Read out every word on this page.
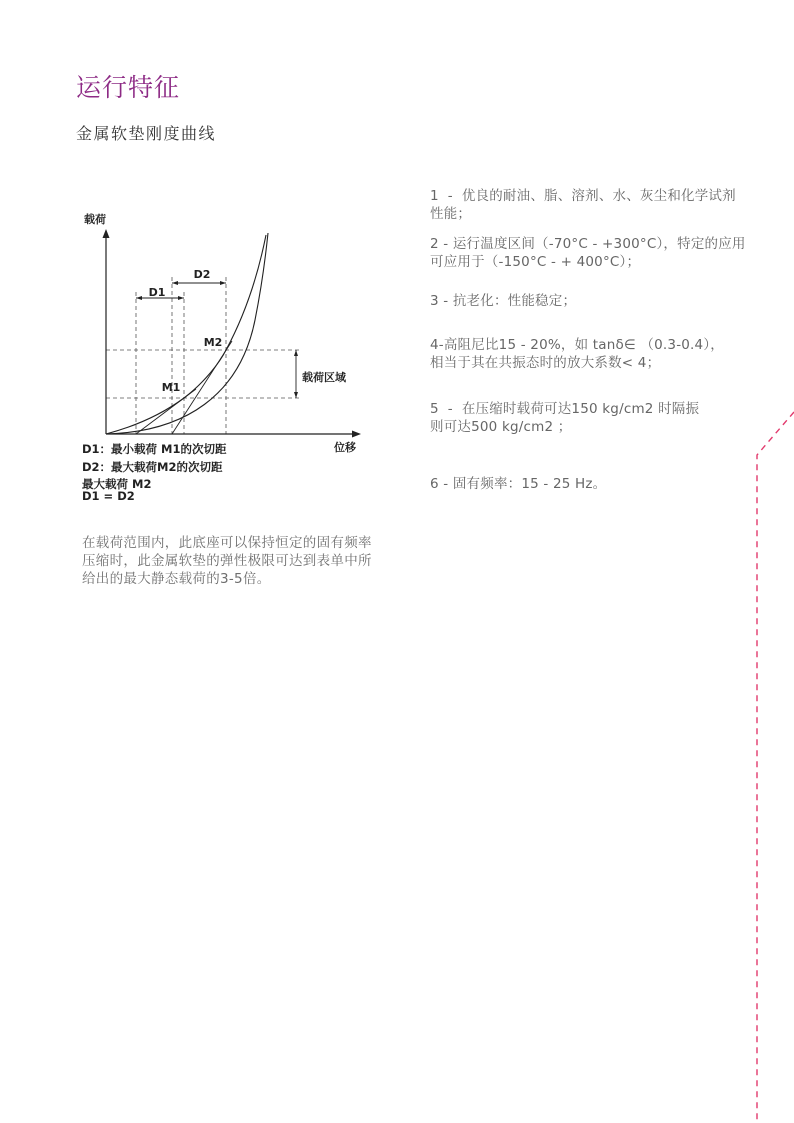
运行特征
金属软垫刚度曲线
D2
D1
载荷区域
M2
M1
载荷
位移
D1：最小载荷 M1的次切距
D2：最大载荷M2的次切距
最大载荷 M2
D1 = D2
在载荷范围内，此底座可以保持恒定的固有频率
压缩时，此金属软垫的弹性极限可达到表单中所
给出的最大静态载荷的3-5倍。
1  -  优良的耐油、脂、溶剂、水、灰尘和化学试剂
性能；
2 - 运行温度区间（-70°C - +300°C），特定的应用
可应用于（-150°C - + 400°C）；
3 - 抗老化：性能稳定；
4-高阻尼比15 - 20%，如 tanδ∈ （0.3-0.4），
相当于其在共振态时的放大系数< 4；
5  -  在压缩时载荷可达150 kg/cm2 时隔振
则可达500 kg/cm2 ；
6 - 固有频率：15 - 25 Hz。
